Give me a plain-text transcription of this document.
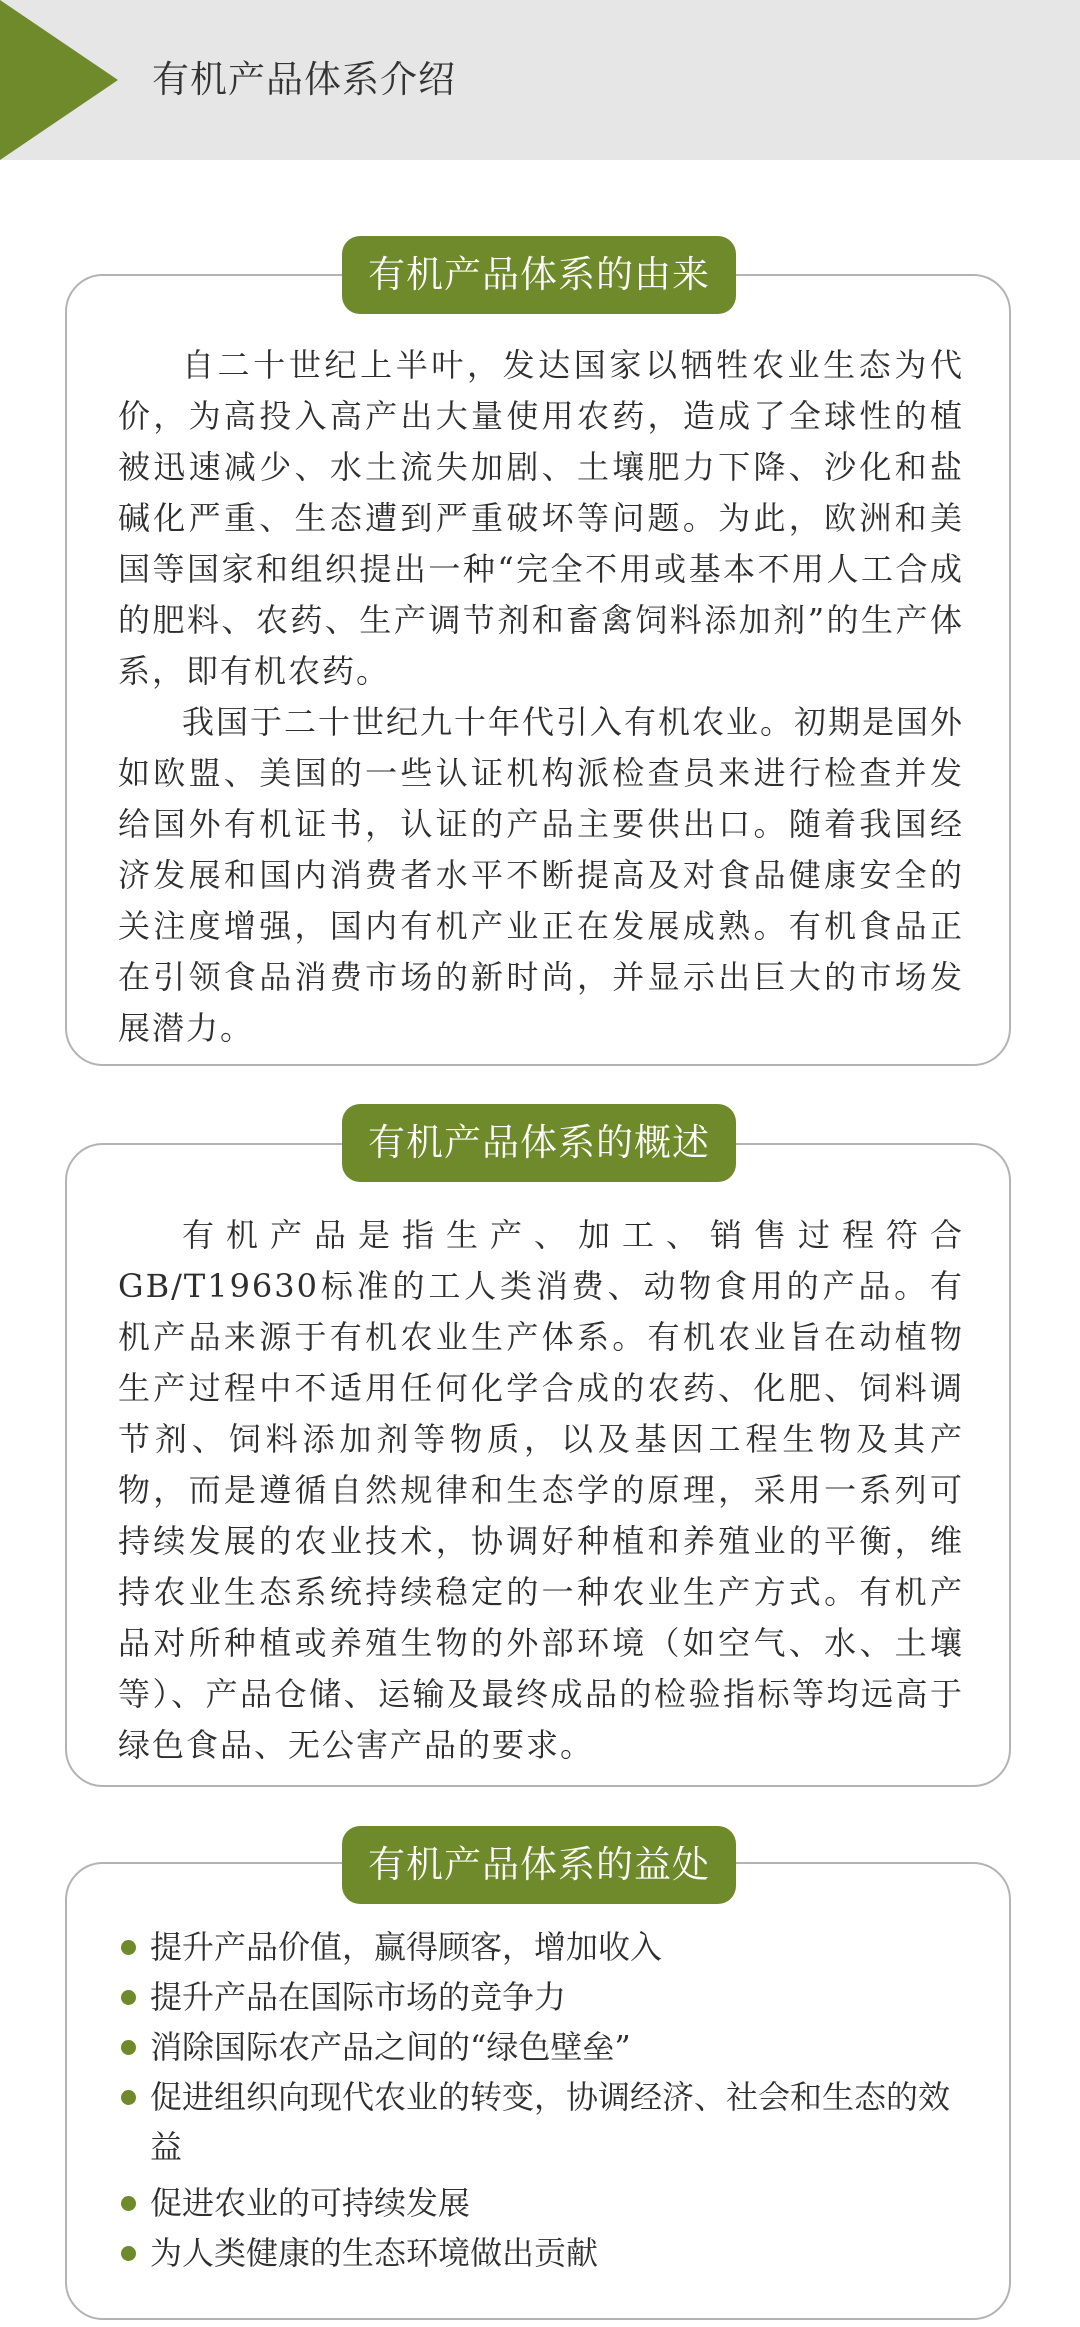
有机产品体系介绍
有机产品体系的由来

自二十世纪上半叶，发达国家以牺牲农业生态为代价，为高投入高产出大量使用农药，造成了全球性的植被迅速减少、水土流失加剧、土壤肥力下降、沙化和盐碱化严重、生态遭到严重破坏等问题。为此，欧洲和美国等国家和组织提出一种“完全不用或基本不用人工合成的肥料、农药、生产调节剂和畜禽饲料添加剂”的生产体系，即有机农药。

我国于二十世纪九十年代引入有机农业。初期是国外如欧盟、美国的一些认证机构派检查员来进行检查并发给国外有机证书，认证的产品主要供出口。随着我国经济发展和国内消费者水平不断提高及对食品健康安全的关注度增强，国内有机产业正在发展成熟。有机食品正在引领食品消费市场的新时尚，并显示出巨大的市场发展潜力。

有机产品体系的概述

有机产品是指生产、加工、销售过程符合GB/T19630标准的工人类消费、动物食用的产品。有机产品来源于有机农业生产体系。有机农业旨在动植物生产过程中不适用任何化学合成的农药、化肥、饲料调节剂、饲料添加剂等物质，以及基因工程生物及其产物，而是遵循自然规律和生态学的原理，采用一系列可持续发展的农业技术，协调好种植和养殖业的平衡，维持农业生态系统持续稳定的一种农业生产方式。有机产品对所种植或养殖生物的外部环境（如空气、水、土壤等）、产品仓储、运输及最终成品的检验指标等均远高于绿色食品、无公害产品的要求。

有机产品体系的益处
提升产品价值，赢得顾客，增加收入
提升产品在国际市场的竞争力
消除国际农产品之间的“绿色壁垒”
促进组织向现代农业的转变，协调经济、社会和生态的效益
促进农业的可持续发展
为人类健康的生态环境做出贡献
